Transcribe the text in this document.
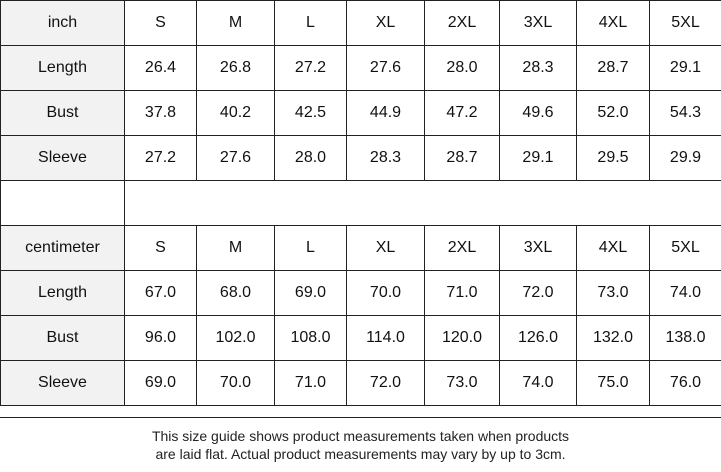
inch	S	M	L	XL	2XL	3XL	4XL	5XL
Length	26.4	26.8	27.2	27.6	28.0	28.3	28.7	29.1
Bust	37.8	40.2	42.5	44.9	47.2	49.6	52.0	54.3
Sleeve	27.2	27.6	28.0	28.3	28.7	29.1	29.5	29.9

centimeter	S	M	L	XL	2XL	3XL	4XL	5XL
Length	67.0	68.0	69.0	70.0	71.0	72.0	73.0	74.0
Bust	96.0	102.0	108.0	114.0	120.0	126.0	132.0	138.0
Sleeve	69.0	70.0	71.0	72.0	73.0	74.0	75.0	76.0

This size guide shows product measurements taken when products

are laid flat. Actual product measurements may vary by up to 3cm.
